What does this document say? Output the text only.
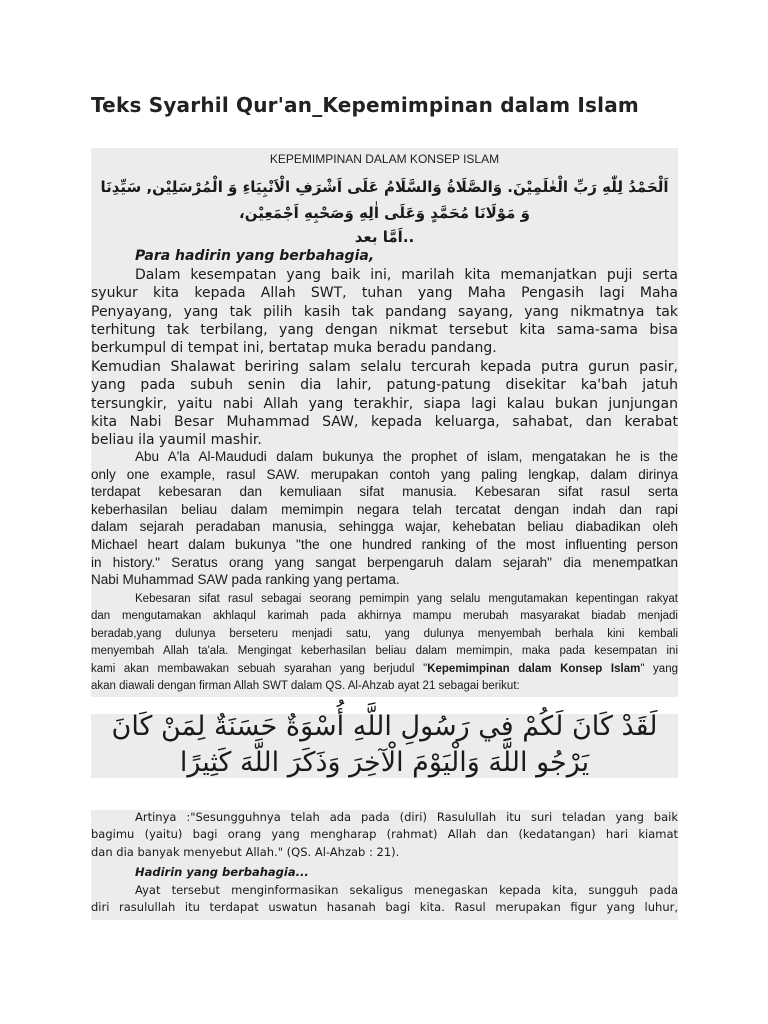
Teks Syarhil Qur'an_Kepemimpinan dalam Islam
KEPEMIMPINAN DALAM KONSEP ISLAM
اَلْحَمْدُ لِلّٰهِ رَبِّ الْعٰلَمِيْنَ. وَالصَّلَاةُ وَالسَّلَامُ عَلَى اَشْرَفِ الْاَنْبِيَاءِ وَ الْمُرْسَلِيْن, سَيِّدِنَا
وَ مَوْلَانَا مُحَمَّدٍ وَعَلَى اٰلِهِ وَصَحْبِهِ اَجْمَعِيْن،
..اَمَّا بعد
Para hadirin yang berbahagia,
Dalam kesempatan yang baik ini, marilah kita memanjatkan puji serta
syukur kita kepada Allah SWT, tuhan yang Maha Pengasih lagi Maha
Penyayang, yang tak pilih kasih tak pandang sayang, yang nikmatnya tak
terhitung tak terbilang, yang dengan nikmat tersebut kita sama-sama bisa
berkumpul di tempat ini, bertatap muka beradu pandang.
Kemudian Shalawat beriring salam selalu tercurah kepada putra gurun pasir,
yang pada subuh senin dia lahir, patung-patung disekitar ka'bah jatuh
tersungkir, yaitu nabi Allah yang terakhir, siapa lagi kalau bukan junjungan
kita Nabi Besar Muhammad SAW, kepada keluarga, sahabat, dan kerabat
beliau ila yaumil mashir.
Abu A'la Al-Maududi dalam bukunya the prophet of islam, mengatakan he is the
only one example, rasul SAW. merupakan contoh yang paling lengkap, dalam dirinya
terdapat kebesaran dan kemuliaan sifat manusia. Kebesaran sifat rasul serta
keberhasilan beliau dalam memimpin negara telah tercatat dengan indah dan rapi
dalam sejarah peradaban manusia, sehingga wajar, kehebatan beliau diabadikan oleh
Michael heart dalam bukunya "the one hundred ranking of the most influenting person
in history." Seratus orang yang sangat berpengaruh dalam sejarah" dia menempatkan
Nabi Muhammad SAW pada ranking yang pertama.
Kebesaran sifat rasul sebagai seorang pemimpin yang selalu mengutamakan kepentingan rakyat
dan mengutamakan akhlaqul karimah pada akhirnya mampu merubah masyarakat biadab menjadi
beradab,yang dulunya berseteru menjadi satu, yang dulunya menyembah berhala kini kembali
menyembah Allah ta'ala. Mengingat keberhasilan beliau dalam memimpin, maka pada kesempatan ini
kami akan membawakan sebuah syarahan yang berjudul "Kepemimpinan dalam Konsep Islam" yang
akan diawali dengan firman Allah SWT dalam QS. Al-Ahzab ayat 21 sebagai berikut:
لَقَدْ كَانَ لَكُمْ فِي رَسُولِ اللَّهِ أُسْوَةٌ حَسَنَةٌ لِمَنْ كَانَ
يَرْجُو اللَّهَ وَالْيَوْمَ الْآخِرَ وَذَكَرَ اللَّهَ كَثِيرًا
Artinya :"Sesungguhnya telah ada pada (diri) Rasulullah itu suri teladan yang baik
bagimu (yaitu) bagi orang yang mengharap (rahmat) Allah dan (kedatangan) hari kiamat
dan dia banyak menyebut Allah." (QS. Al-Ahzab : 21).
Hadirin yang berbahagia...
Ayat tersebut menginformasikan sekaligus menegaskan kepada kita, sungguh pada
diri rasulullah itu terdapat uswatun hasanah bagi kita. Rasul merupakan figur yang luhur,
